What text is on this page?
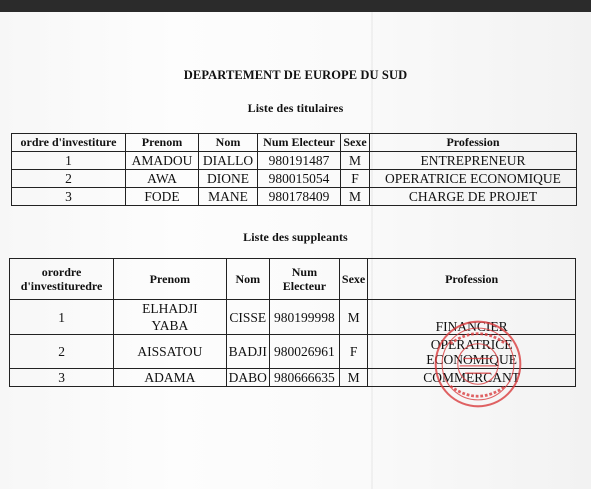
DEPARTEMENT DE EUROPE DU SUD
Liste des titulaires
ordre d'investiture	Prenom	Nom	Num Electeur	Sexe	Profession
1	AMADOU	DIALLO	980191487	M	ENTREPRENEUR
2	AWA	DIONE	980015054	F	OPERATRICE ECONOMIQUE
3	FODE	MANE	980178409	M	CHARGE DE PROJET
Liste des suppleants
orordre d'investituredre	Prenom	Nom	Num Electeur	Sexe	Profession
1	ELHADJI YABA	CISSE	980199998	M	FINANCIER
2	AISSATOU	BADJI	980026961	F	OPERATRICE ECONOMIQUE
3	ADAMA	DABO	980666635	M	COMMERCANT
